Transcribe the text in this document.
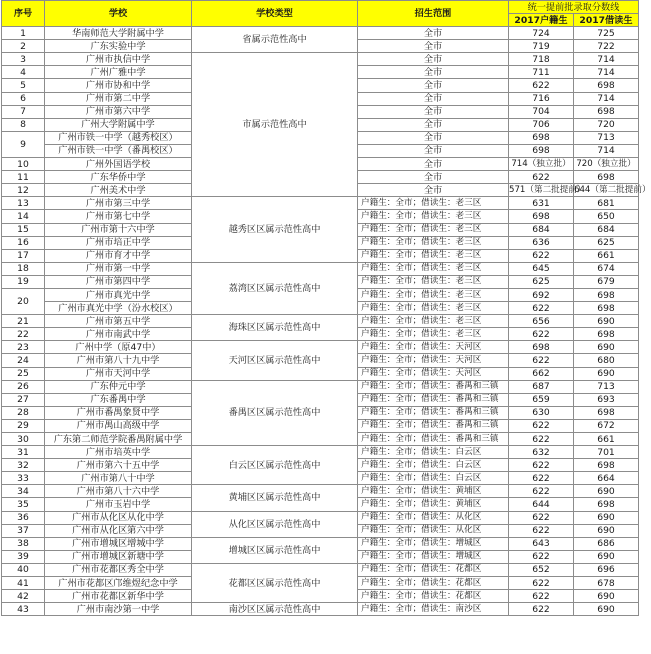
序号	学校	学校类型	招生范围	统一提前批录取分数线	
				2017户籍生	2017借读生
1	华南师范大学附属中学	省属示范性高中	全市	724	725
2	广东实验中学		全市	719	722
3	广州市执信中学	市属示范性高中	全市	718	714
4	广州广雅中学		全市	711	714
5	广州市协和中学		全市	622	698
6	广州市第二中学		全市	716	714
7	广州市第六中学		全市	704	698
8	广州大学附属中学		全市	706	720
9	广州市铁一中学（越秀校区）		全市	698	713
	广州市铁一中学（番禺校区）		全市	698	714
10	广州外国语学校		全市	714（独立批）	720（独立批）
11	广东华侨中学		全市	622	698
12	广州美术中学		全市	571（第二批提前）	644（第二批提前）
13	广州市第三中学	越秀区区属示范性高中	户籍生：全市；借读生：老三区	631	681
14	广州市第七中学		户籍生：全市；借读生：老三区	698	650
15	广州市第十六中学		户籍生：全市；借读生：老三区	684	684
16	广州市培正中学		户籍生：全市；借读生：老三区	636	625
17	广州市育才中学		户籍生：全市；借读生：老三区	622	661
18	广州市第一中学	荔湾区区属示范性高中	户籍生：全市；借读生：老三区	645	674
19	广州市第四中学		户籍生：全市；借读生：老三区	625	679
20	广州市真光中学		户籍生：全市；借读生：老三区	692	698
	广州市真光中学（汾水校区）		户籍生：全市；借读生：老三区	622	698
21	广州市第五中学	海珠区区属示范性高中	户籍生：全市；借读生：老三区	656	690
22	广州市南武中学		户籍生：全市；借读生：老三区	622	698
23	广州中学（原47中）	天河区区属示范性高中	户籍生：全市；借读生：天河区	698	690
24	广州市第八十九中学		户籍生：全市；借读生：天河区	622	680
25	广州市天河中学		户籍生：全市；借读生：天河区	662	690
26	广东仲元中学	番禺区区属示范性高中	户籍生：全市；借读生：番禺和三镇	687	713
27	广东番禺中学		户籍生：全市；借读生：番禺和三镇	659	693
28	广州市番禺象贤中学		户籍生：全市；借读生：番禺和三镇	630	698
29	广州市禺山高级中学		户籍生：全市；借读生：番禺和三镇	622	672
30	广东第二师范学院番禺附属中学		户籍生：全市；借读生：番禺和三镇	622	661
31	广州市培英中学	白云区区属示范性高中	户籍生：全市；借读生：白云区	632	701
32	广州市第六十五中学		户籍生：全市；借读生：白云区	622	698
33	广州市第八十中学		户籍生：全市；借读生：白云区	622	664
34	广州市第八十六中学	黄埔区区属示范性高中	户籍生：全市；借读生：黄埔区	622	690
35	广州市玉岩中学		户籍生：全市；借读生：黄埔区	644	698
36	广州市从化区从化中学	从化区区属示范性高中	户籍生：全市；借读生：从化区	622	690
37	广州市从化区第六中学		户籍生：全市；借读生：从化区	622	690
38	广州市增城区增城中学	增城区区属示范性高中	户籍生：全市；借读生：增城区	643	686
39	广州市增城区新塘中学		户籍生：全市；借读生：增城区	622	690
40	广州市花都区秀全中学	花都区区属示范性高中	户籍生：全市；借读生：花都区	652	696
41	广州市花都区邝维煜纪念中学		户籍生：全市；借读生：花都区	622	678
42	广州市花都区新华中学		户籍生：全市；借读生：花都区	622	690
43	广州市南沙第一中学	南沙区区属示范性高中	户籍生：全市；借读生：南沙区	622	690
